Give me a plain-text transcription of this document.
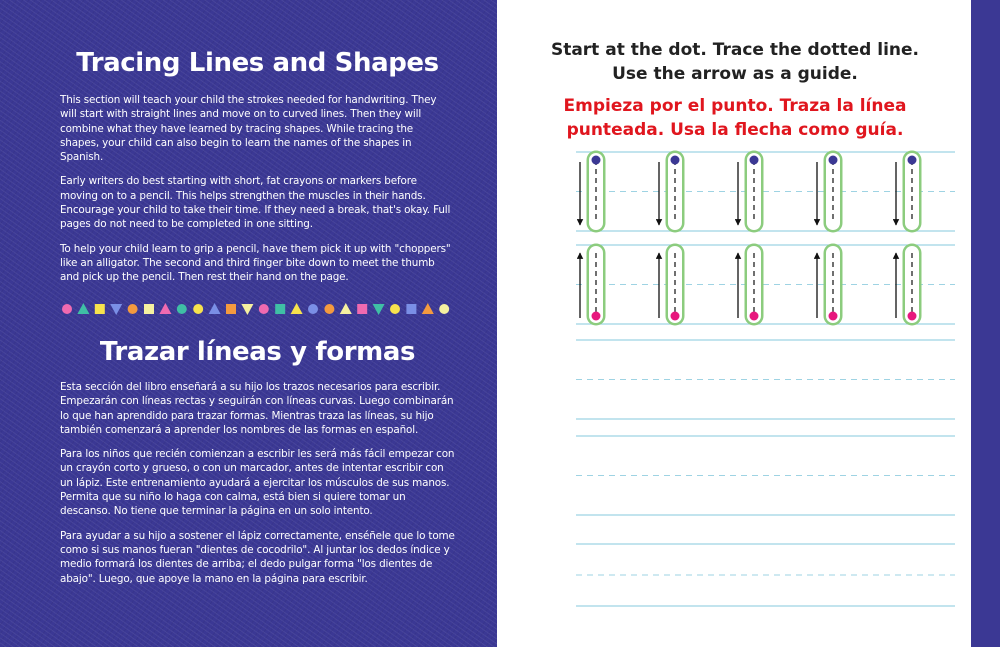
Tracing Lines and Shapes

This section will teach your child the strokes needed for handwriting. They will start with straight lines and move on to curved lines. Then they will combine what they have learned by tracing shapes. While tracing the shapes, your child can also begin to learn the names of the shapes in Spanish.

Early writers do best starting with short, fat crayons or markers before moving on to a pencil. This helps strengthen the muscles in their hands. Encourage your child to take their time. If they need a break, that's okay. Full pages do not need to be completed in one sitting.

To help your child learn to grip a pencil, have them pick it up with "choppers" like an alligator. The second and third finger bite down to meet the thumb and pick up the pencil. Then rest their hand on the page.

Trazar líneas y formas

Esta sección del libro enseñará a su hijo los trazos necesarios para escribir. Empezarán con líneas rectas y seguirán con líneas curvas. Luego combinarán lo que han aprendido para trazar formas. Mientras traza las líneas, su hijo también comenzará a aprender los nombres de las formas en español.

Para los niños que recién comienzan a escribir les será más fácil empezar con un crayón corto y grueso, o con un marcador, antes de intentar escribir con un lápiz. Este entrenamiento ayudará a ejercitar los músculos de sus manos. Permita que su niño lo haga con calma, está bien si quiere tomar un descanso. No tiene que terminar la página en un solo intento.

Para ayudar a su hijo a sostener el lápiz correctamente, enséñele que lo tome como si sus manos fueran "dientes de cocodrilo". Al juntar los dedos índice y medio formará los dientes de arriba; el dedo pulgar forma "los dientes de abajo". Luego, que apoye la mano en la página para escribir.

Start at the dot. Trace the dotted line.
Use the arrow as a guide.
Empieza por el punto. Traza la línea
punteada. Usa la flecha como guía.
